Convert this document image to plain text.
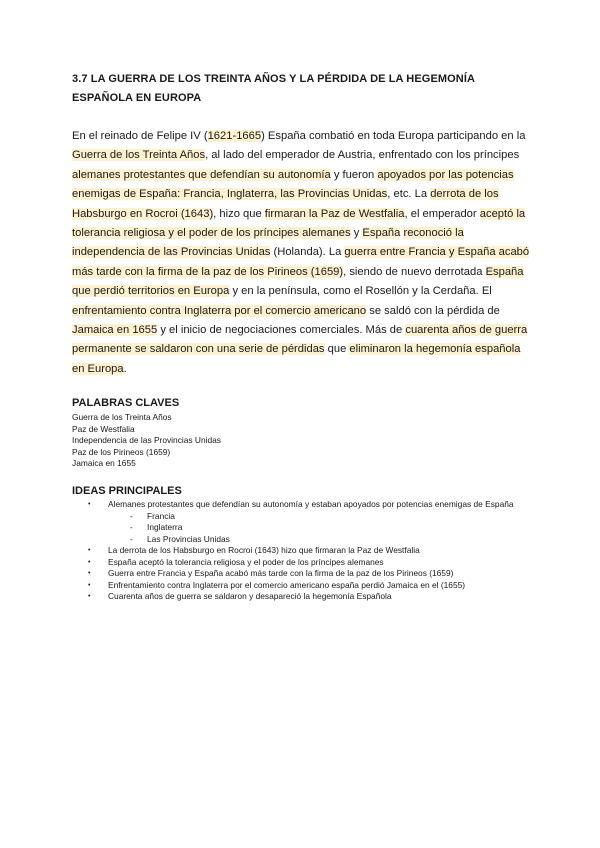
3.7 LA GUERRA DE LOS TREINTA AÑOS Y LA PÉRDIDA DE LA HEGEMONÍA ESPAÑOLA EN EUROPA
En el reinado de Felipe IV (1621-1665) España combatió en toda Europa participando en la Guerra de los Treinta Años, al lado del emperador de Austria, enfrentado con los príncipes alemanes protestantes que defendían su autonomía y fueron apoyados por las potencias enemigas de España: Francia, Inglaterra, las Provincias Unidas, etc. La derrota de los Habsburgo en Rocroi (1643), hizo que firmaran la Paz de Westfalia, el emperador aceptó la tolerancia religiosa y el poder de los príncipes alemanes y España reconoció la independencia de las Provincias Unidas (Holanda). La guerra entre Francia y España acabó más tarde con la firma de la paz de los Pirineos (1659), siendo de nuevo derrotada España que perdió territorios en Europa y en la península, como el Rosellón y la Cerdaña. El enfrentamiento contra Inglaterra por el comercio americano se saldó con la pérdida de Jamaica en 1655 y el inicio de negociaciones comerciales. Más de cuarenta años de guerra permanente se saldaron con una serie de pérdidas que eliminaron la hegemonía española en Europa.
PALABRAS CLAVES
Guerra de los Treinta Años
Paz de Westfalia
Independencia de las Provincias Unidas
Paz de los Pirineos (1659)
Jamaica en 1655
IDEAS PRINCIPALES
• Alemanes protestantes que defendían su autonomía y estaban apoyados por potencias enemigas de España
- Francia
- Inglaterra
- Las Provincias Unidas
• La derrota de los Habsburgo en Rocroi (1643) hizo que firmaran la Paz de Westfalia
• España aceptó la tolerancia religiosa y el poder de los príncipes alemanes
• Guerra entre Francia y España acabó más tarde con la firma de la paz de los Pirineos (1659)
• Enfrentamiento contra Inglaterra por el comercio americano españa perdió Jamaica en el (1655)
• Cuarenta años de guerra se saldaron y desapareció la hegemonía Española
